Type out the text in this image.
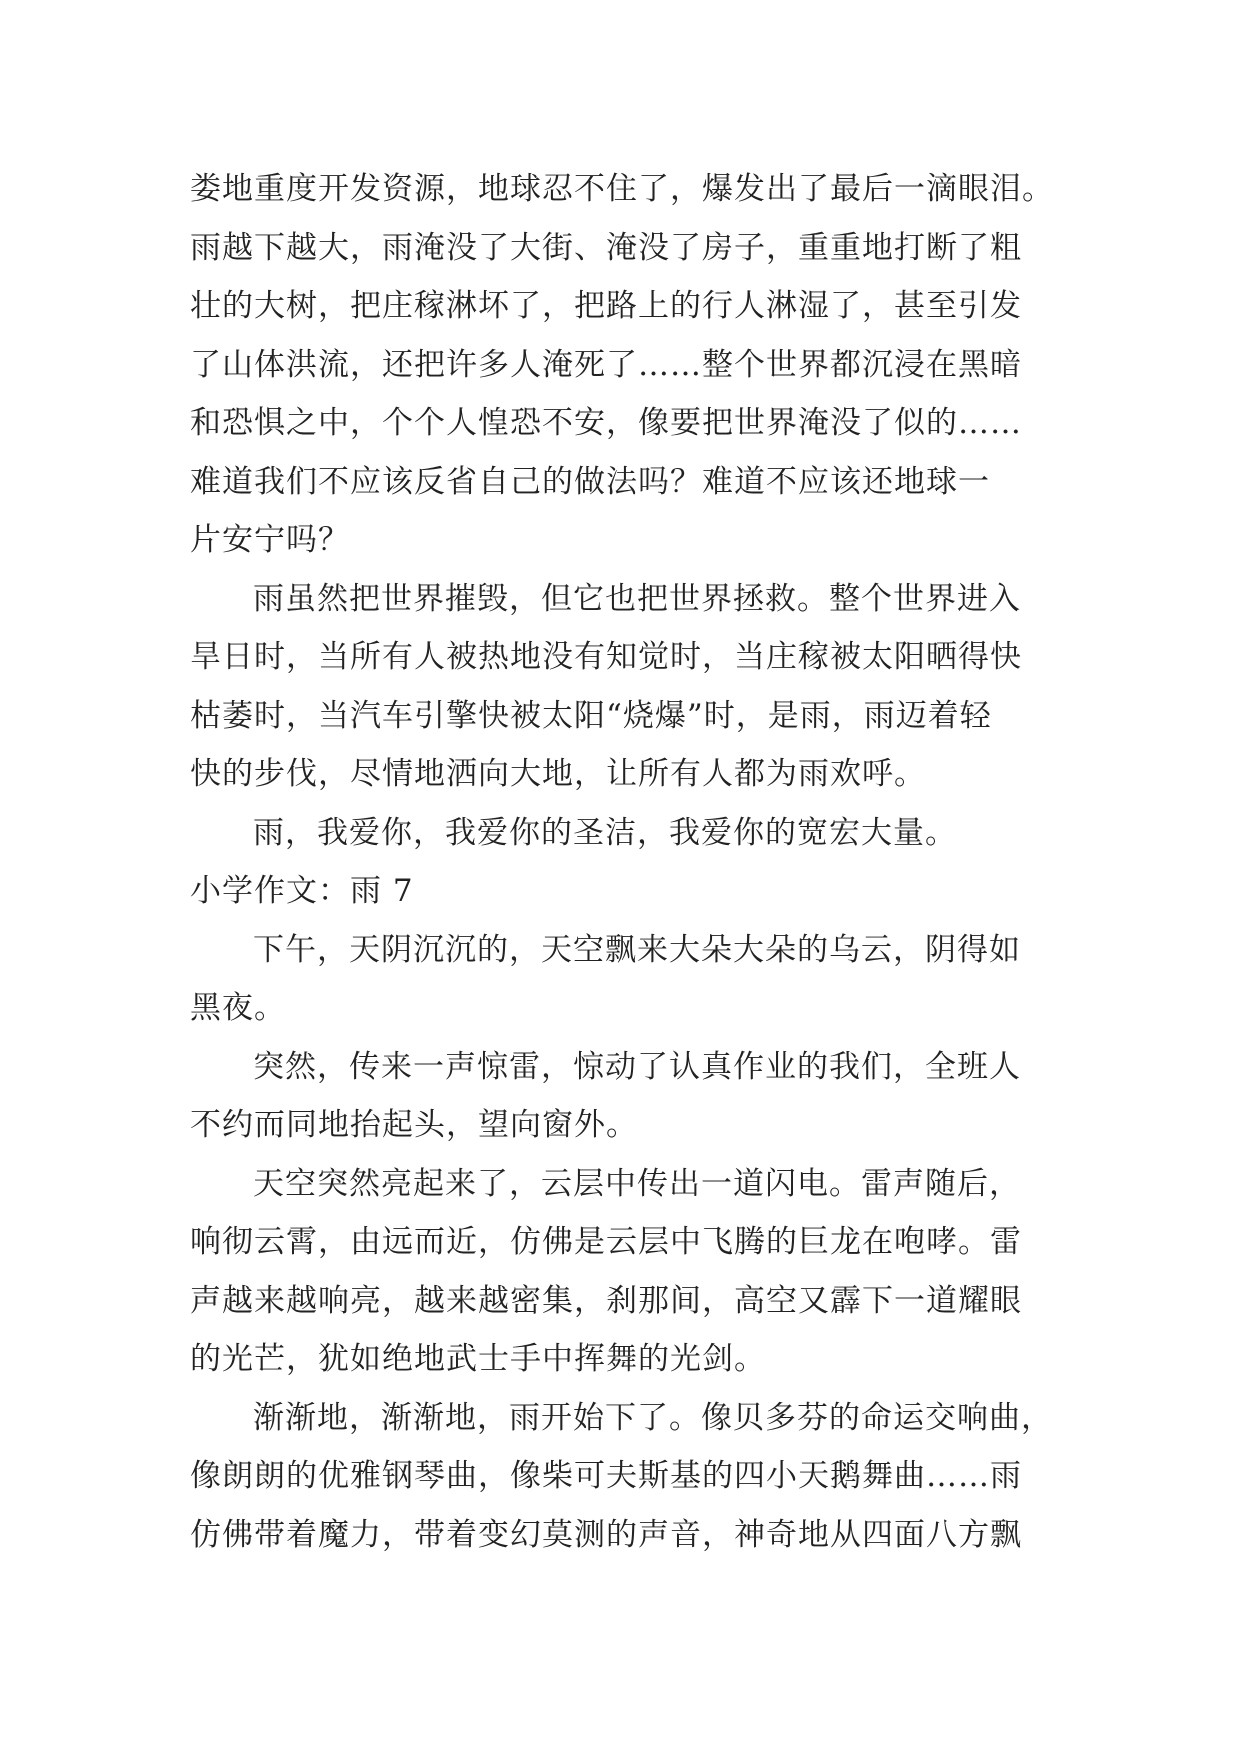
娄地重度开发资源，地球忍不住了，爆发出了最后一滴眼泪。
雨越下越大，雨淹没了大街、淹没了房子，重重地打断了粗
壮的大树，把庄稼淋坏了，把路上的行人淋湿了，甚至引发
了山体洪流，还把许多人淹死了……整个世界都沉浸在黑暗
和恐惧之中，个个人惶恐不安，像要把世界淹没了似的……
难道我们不应该反省自己的做法吗？难道不应该还地球一
片安宁吗？
雨虽然把世界摧毁，但它也把世界拯救。整个世界进入
旱日时，当所有人被热地没有知觉时，当庄稼被太阳晒得快
枯萎时，当汽车引擎快被太阳“烧爆”时，是雨，雨迈着轻
快的步伐，尽情地洒向大地，让所有人都为雨欢呼。
雨，我爱你，我爱你的圣洁，我爱你的宽宏大量。
小学作文：雨 7
下午，天阴沉沉的，天空飘来大朵大朵的乌云，阴得如
黑夜。
突然，传来一声惊雷，惊动了认真作业的我们，全班人
不约而同地抬起头，望向窗外。
天空突然亮起来了，云层中传出一道闪电。雷声随后，
响彻云霄，由远而近，仿佛是云层中飞腾的巨龙在咆哮。雷
声越来越响亮，越来越密集，刹那间，高空又霹下一道耀眼
的光芒，犹如绝地武士手中挥舞的光剑。
渐渐地，渐渐地，雨开始下了。像贝多芬的命运交响曲，
像朗朗的优雅钢琴曲，像柴可夫斯基的四小天鹅舞曲……雨
仿佛带着魔力，带着变幻莫测的声音，神奇地从四面八方飘
